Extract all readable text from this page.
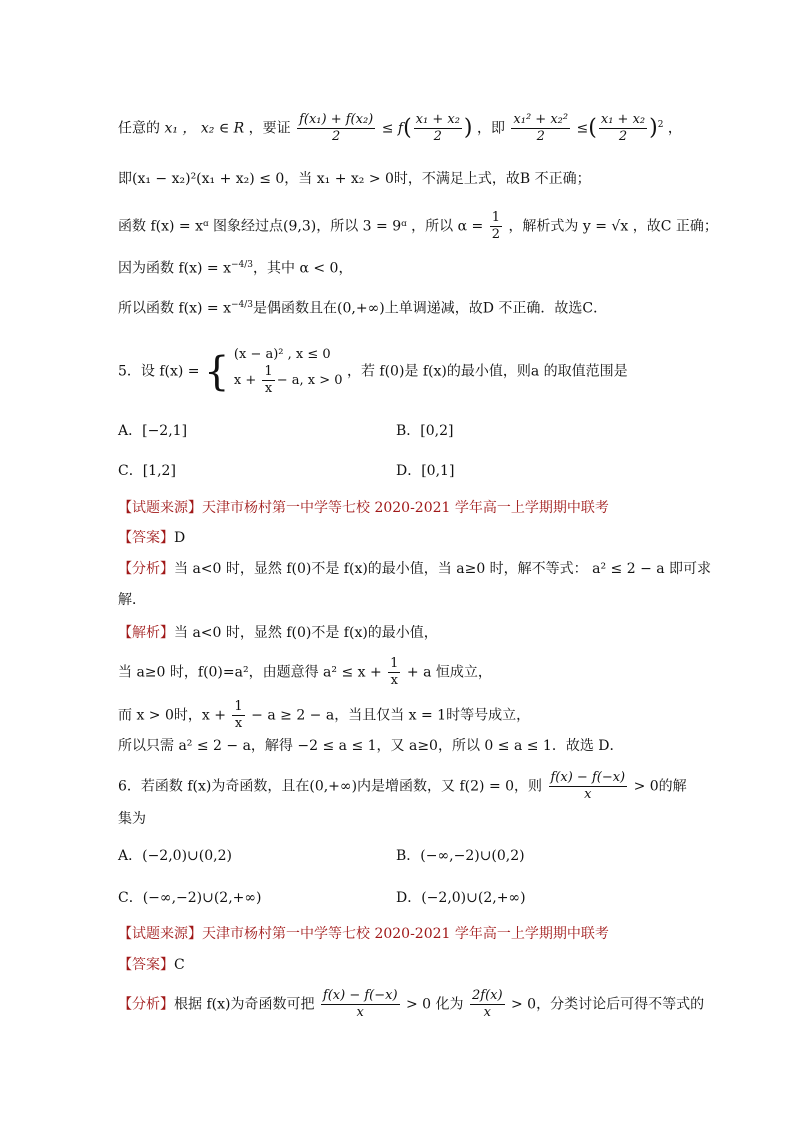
任意的 x₁ ， x₂ ∈ R ，要证 $\frac{\text{f(x₁) + f(x₂)}}{2} \le f( \frac{\text{x₁ + x₂}}{2}$ ) ，即 $\frac{\text{x₁² + x₂²}}{2}$ ≤( $\frac{\text{x₁ + x₂}}{2} )^2$ ，
即(x₁ − x₂)²(x₁ + x₂) ≤ 0，当 x₁ + x₂ > 0时，不满足上式，故B 不正确；
函数 f(x) = xᵅ 图象经过点(9,3)，所以 3 = 9ᵅ ，所以 $\alpha = \frac{1}{2}$ ，解析式为 y = √x ，故C 正确；
因为函数 $f(x) = x^{-4/3}$，其中 α < 0，
所以函数 $f(x) = x^{-4/3}$是偶函数且在(0,+∞)上单调递减，故D 不正确．故选C．
5．设 f(x) = { (x − a)² , x ≤ 0
$x + \frac{1}{x} - a$, x > 0
，若 f(0)是 f(x)的最小值，则a 的取值范围是
A．[−2,1]	B．[0,2]
C．[1,2]	D．[0,1]
【试题来源】天津市杨村第一中学等七校 2020-2021 学年高一上学期期中联考
【答案】D
【分析】当 a<0 时，显然 f(0)不是 f(x)的最小值，当 a≥0 时，解不等式： a² ≤ 2 − a 即可求
解．
【解析】当 a<0 时，显然 f(0)不是 f(x)的最小值，
当 a≥0 时，f(0)=a²，由题意得 $a^2 \le x + \frac{1}{x} + a$ 恒成立，
而 x > 0时，$x + \frac{1}{x} - a \ge 2 - a$，当且仅当 x = 1时等号成立，
所以只需 a² ≤ 2 − a，解得 −2 ≤ a ≤ 1，又 a≥0，所以 0 ≤ a ≤ 1．故选 D．
6．若函数 f(x)为奇函数，且在(0,+∞)内是增函数，又 f(2) = 0，则 $\frac{f(x) - f(-x)}{x} > 0$的解
集为
A．(−2,0)∪(0,2)	B．(−∞,−2)∪(0,2)
C．(−∞,−2)∪(2,+∞)	D．(−2,0)∪(2,+∞)
【试题来源】天津市杨村第一中学等七校 2020-2021 学年高一上学期期中联考
【答案】C
【分析】根据 f(x)为奇函数可把 $\frac{f(x) - f(-x)}{x} > 0$ 化为 $\frac{2f(x)}{x} > 0$，分类讨论后可得不等式的
